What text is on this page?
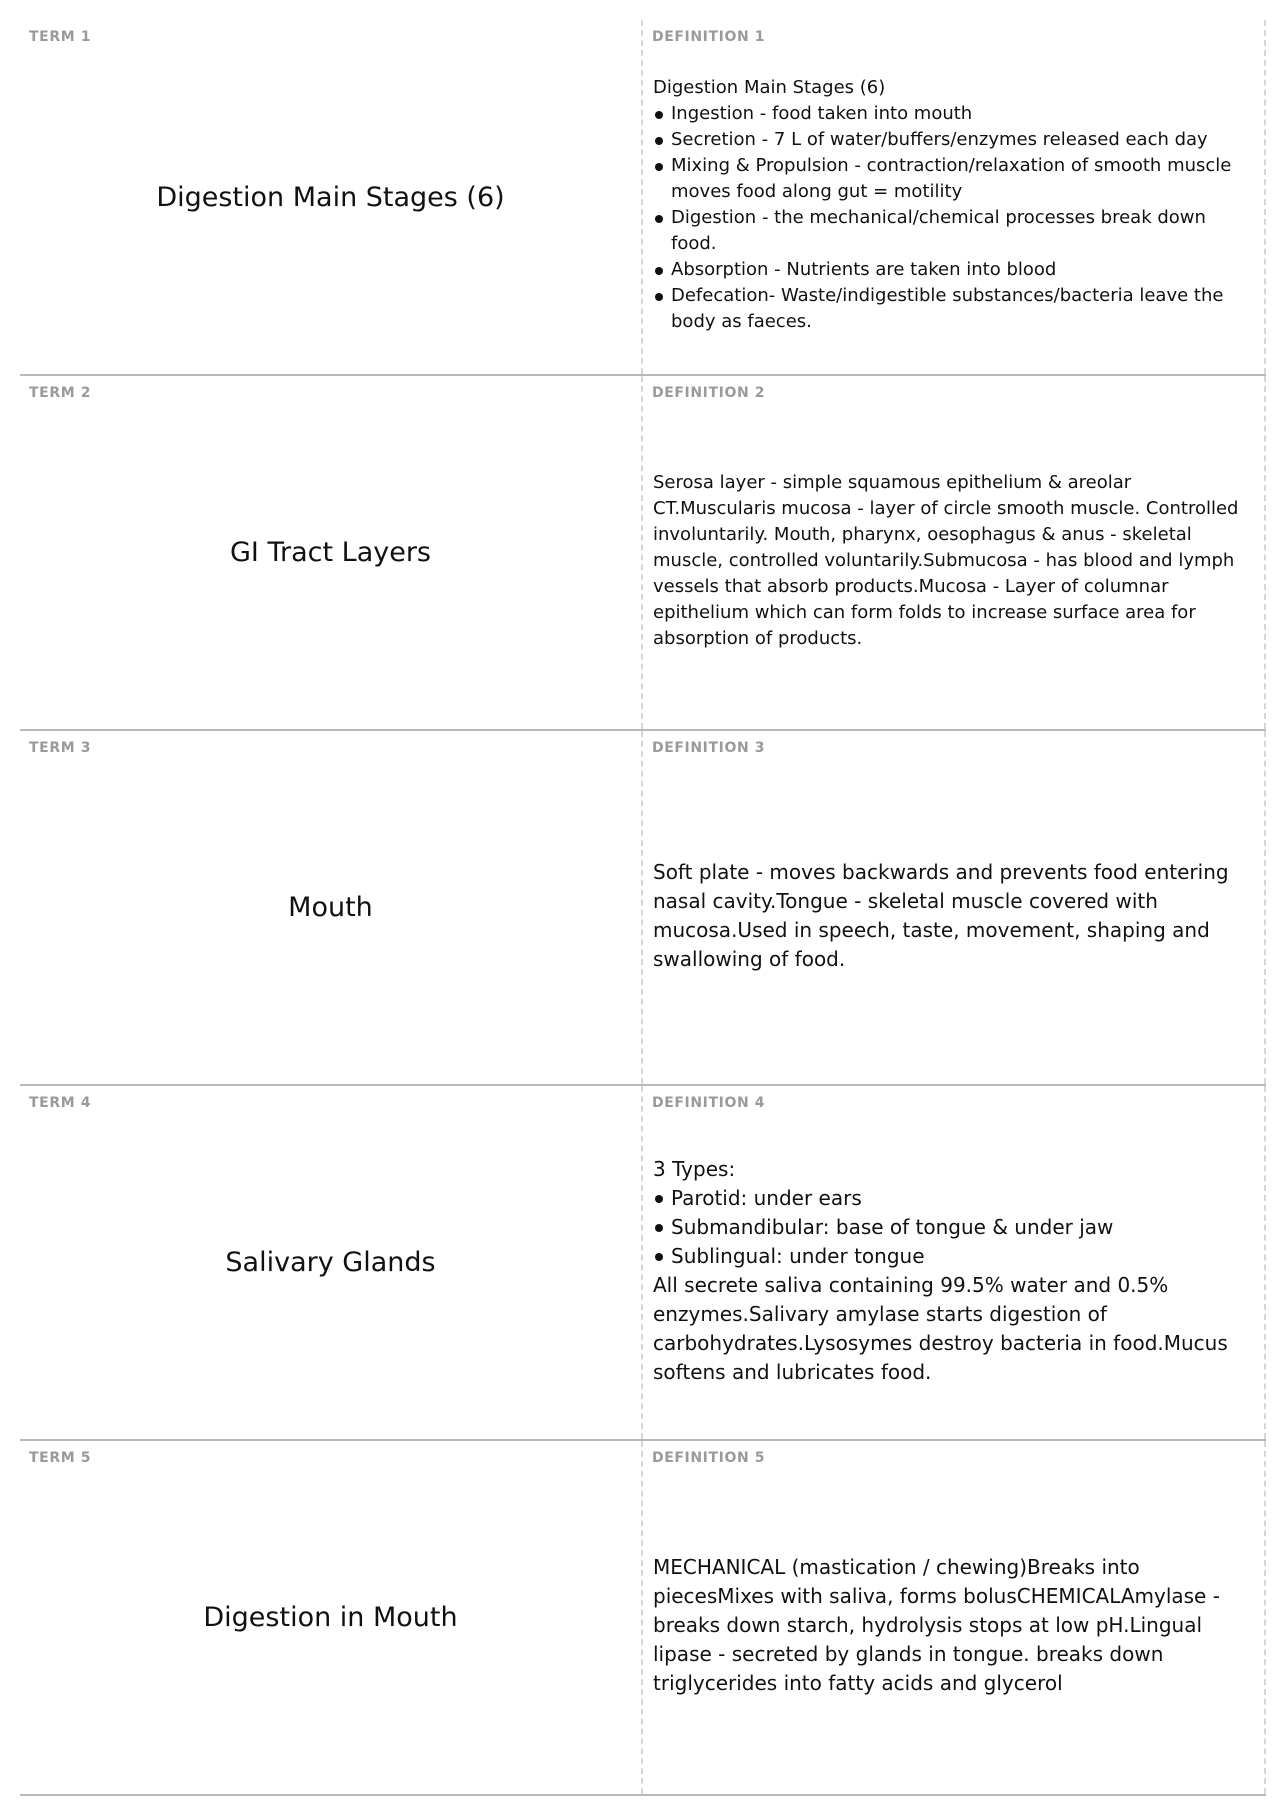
TERM 1
Digestion Main Stages (6)
DEFINITION 1

Digestion Main Stages (6)

Ingestion - food taken into mouth
Secretion - 7 L of water/buffers/enzymes released each day
Mixing & Propulsion - contraction/relaxation of smooth muscle moves food along gut = motility
Digestion - the mechanical/chemical processes break down food.
Absorption - Nutrients are taken into blood
Defecation- Waste/indigestible substances/bacteria leave the body as faeces.
TERM 2
GI Tract Layers
DEFINITION 2

Serosa layer - simple squamous epithelium & areolar CT.Muscularis mucosa - layer of circle smooth muscle. Controlled involuntarily. Mouth, pharynx, oesophagus & anus - skeletal muscle, controlled voluntarily.Submucosa - has blood and lymph vessels that absorb products.Mucosa - Layer of columnar epithelium which can form folds to increase surface area for absorption of products.

TERM 3
Mouth
DEFINITION 3

Soft plate - moves backwards and prevents food entering nasal cavity.Tongue - skeletal muscle covered with mucosa.Used in speech, taste, movement, shaping and swallowing of food.

TERM 4
Salivary Glands
DEFINITION 4

3 Types:

Parotid: under ears
Submandibular: base of tongue & under jaw
Sublingual: under tongue

All secrete saliva containing 99.5% water and 0.5% enzymes.Salivary amylase starts digestion of carbohydrates.Lysosymes destroy bacteria in food.Mucus softens and lubricates food.

TERM 5
Digestion in Mouth
DEFINITION 5

MECHANICAL (mastication / chewing)Breaks into piecesMixes with saliva, forms bolusCHEMICALAmylase - breaks down starch, hydrolysis stops at low pH.Lingual lipase - secreted by glands in tongue. breaks down triglycerides into fatty acids and glycerol
